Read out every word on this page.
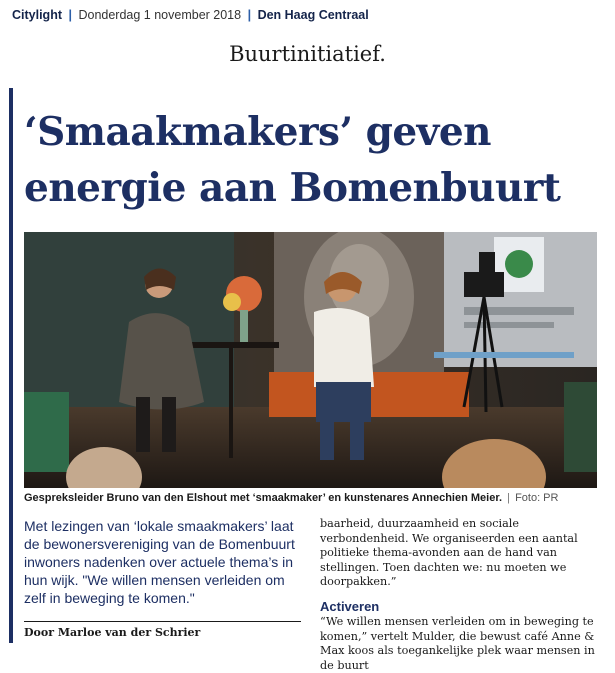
Citylight | Donderdag 1 november 2018 | Den Haag Centraal
Buurtinitiatief.
‘Smaakmakers’ geven
energie aan Bomenbuurt
Gespreksleider Bruno van den Elshout met ‘smaakmaker’ en kunstenares Annechien Meier. | Foto: PR

Met lezingen van ‘lokale smaakmakers’ laat de bewonersvereniging van de Bomenbuurt inwoners nadenken over actuele thema’s in hun wijk. "We willen mensen verleiden om zelf in beweging te komen."

Door Marloe van der Schrier

baarheid, duurzaamheid en sociale verbondenheid. We organiseerden een aantal politieke thema-avonden aan de hand van stellingen. Toen dachten we: nu moeten we doorpakken.”

Activeren

“We willen mensen verleiden om in beweging te komen,” vertelt Mulder, die bewust café Anne & Max koos als toegankelijke plek waar mensen in de buurt
